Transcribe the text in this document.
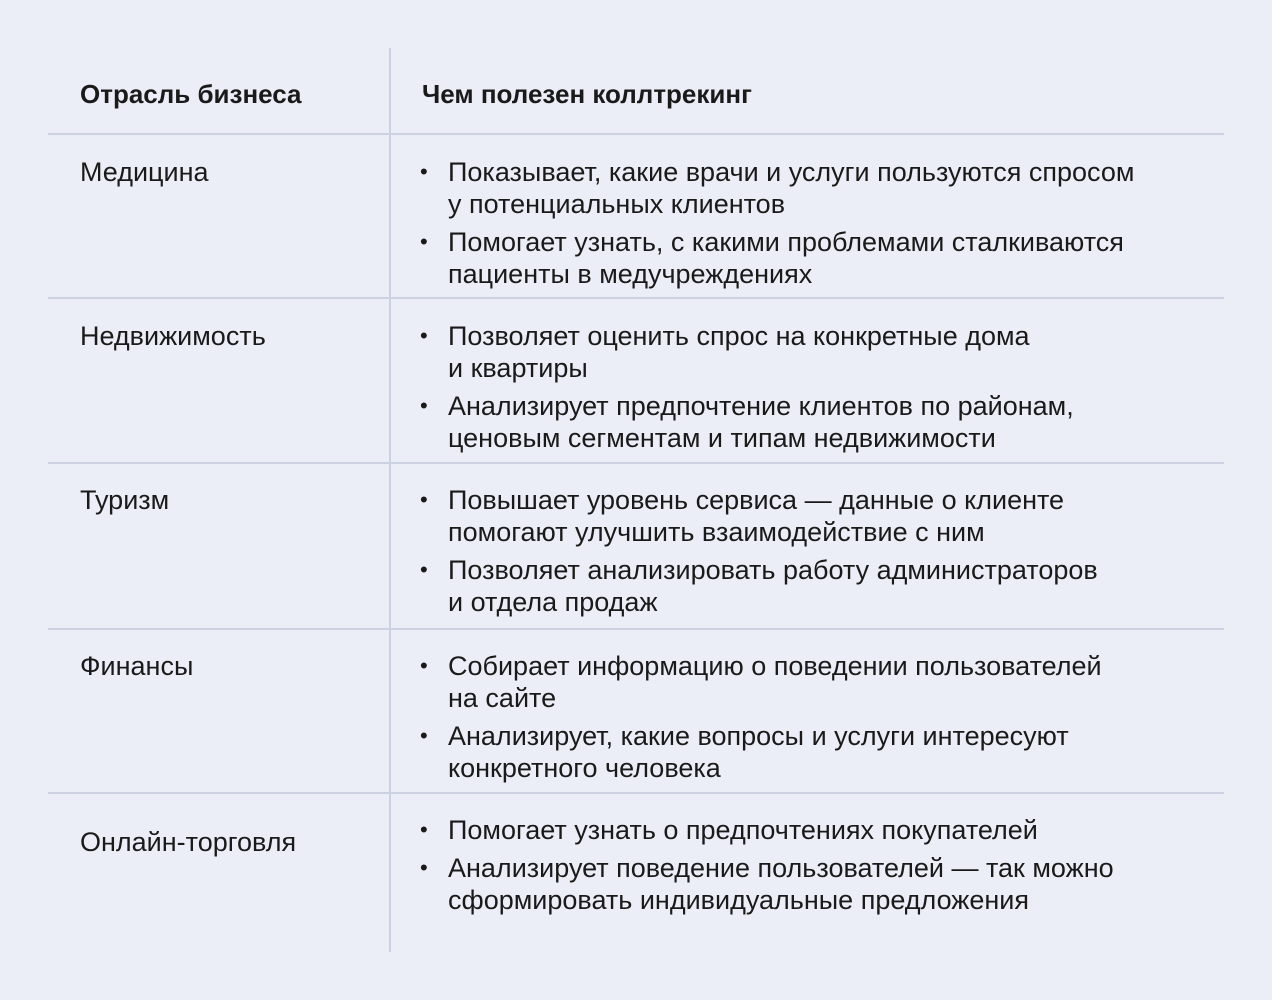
Отрасль бизнеса	Чем полезен коллтрекинг
Медицина	• Показывает, какие врачи и услуги пользуются спросом
у потенциальных клиентов
• Помогает узнать, с какими проблемами сталкиваются
пациенты в медучреждениях
Недвижимость	• Позволяет оценить спрос на конкретные дома
и квартиры
• Анализирует предпочтение клиентов по районам,
ценовым сегментам и типам недвижимости
Туризм	• Повышает уровень сервиса — данные о клиенте
помогают улучшить взаимодействие с ним
• Позволяет анализировать работу администраторов
и отдела продаж
Финансы	• Собирает информацию о поведении пользователей
на сайте
• Анализирует, какие вопросы и услуги интересуют
конкретного человека
Онлайн-торговля	• Помогает узнать о предпочтениях покупателей
• Анализирует поведение пользователей — так можно
сформировать индивидуальные предложения
